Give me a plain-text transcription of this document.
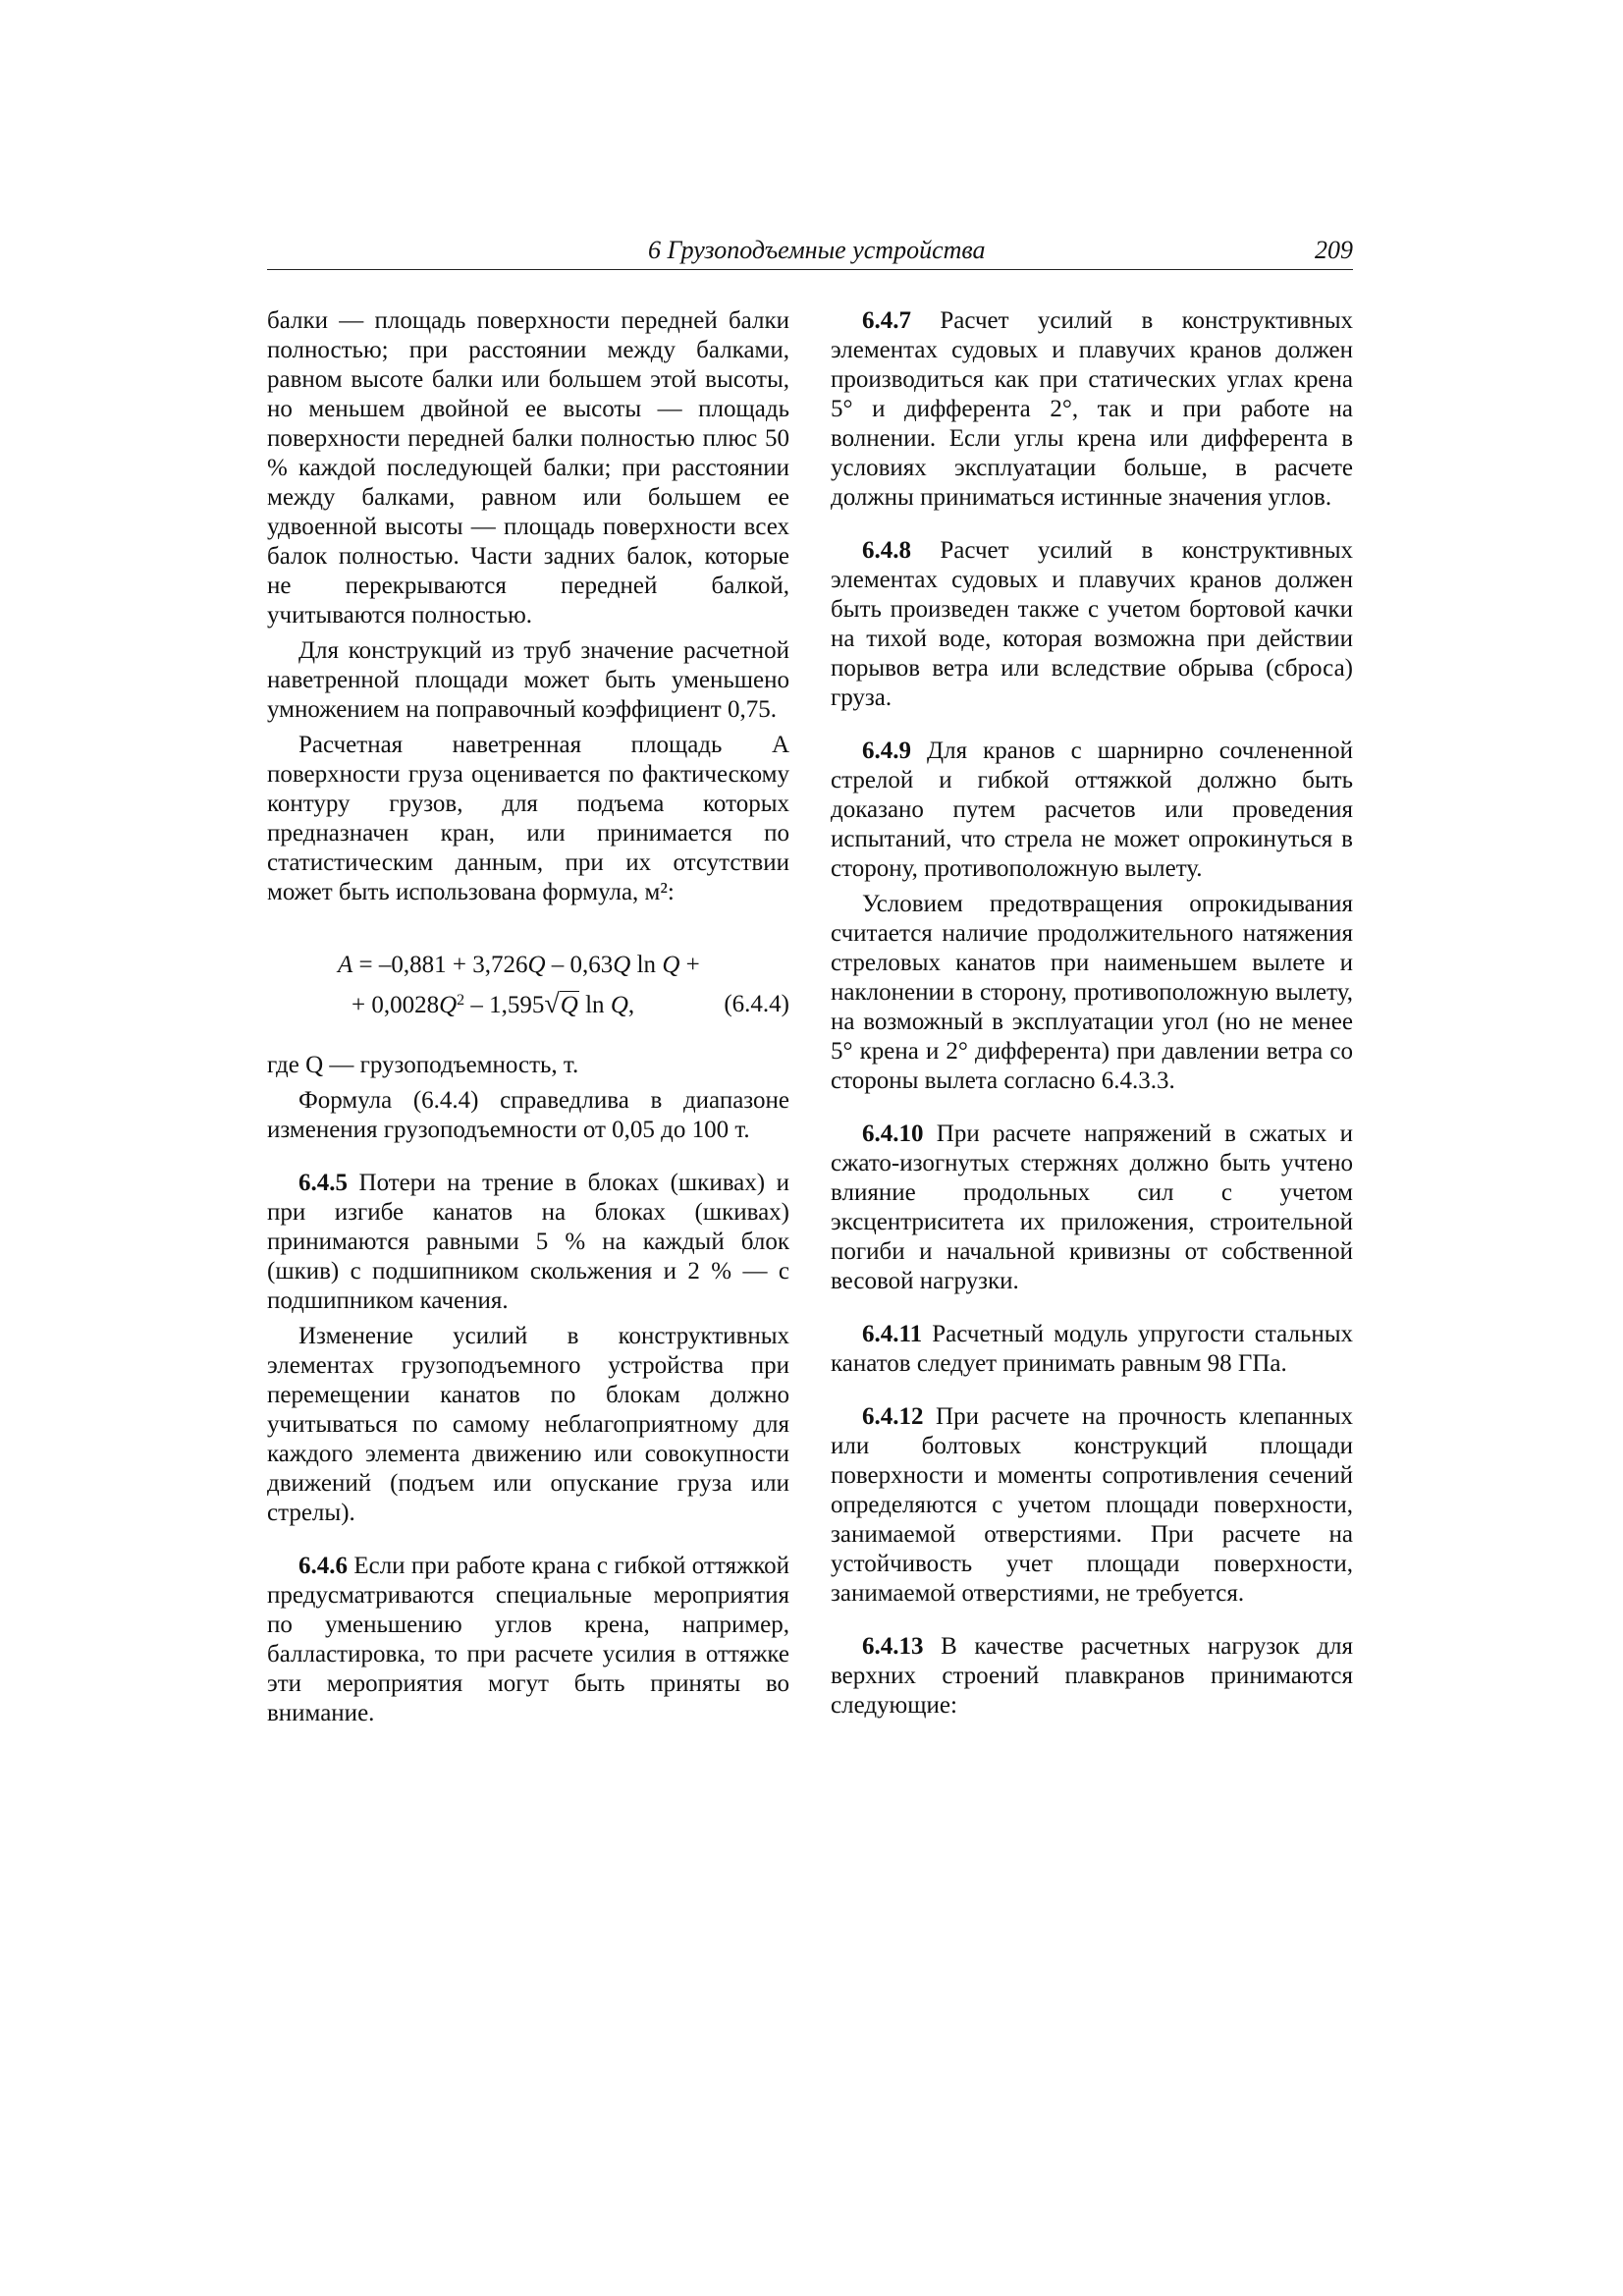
6 Грузоподъемные устройства	209

балки — площадь поверхности передней балки полностью; при расстоянии между балками, равном высоте балки или большем этой высоты, но меньшем двойной ее высоты — площадь поверхности передней балки полностью плюс 50 % каждой последующей балки; при расстоянии между балками, равном или большем ее удвоенной высоты — площадь поверхности всех балок полностью. Части задних балок, которые не перекрываются передней балкой, учитываются полностью.

Для конструкций из труб значение расчетной наветренной площади может быть уменьшено умножением на поправочный коэффициент 0,75.

Расчетная наветренная площадь A поверхности груза оценивается по фактическому контуру грузов, для подъема которых предназначен кран, или принимается по статистическим данным, при их отсутствии может быть использована формула, м²:

A = –0,881 + 3,726Q – 0,63Q ln Q +
+ $0,0028Q^2 - 1,595√Q$ ln Q,	(6.4.4)

где Q — грузоподъемность, т.

Формула (6.4.4) справедлива в диапазоне изменения грузоподъемности от 0,05 до 100 т.

6.4.5 Потери на трение в блоках (шкивах) и при изгибе канатов на блоках (шкивах) принимаются равными 5 % на каждый блок (шкив) с подшипником скольжения и 2 % — с подшипником качения.

Изменение усилий в конструктивных элементах грузоподъемного устройства при перемещении канатов по блокам должно учитываться по самому неблагоприятному для каждого элемента движению или совокупности движений (подъем или опускание груза или стрелы).

6.4.6 Если при работе крана с гибкой оттяжкой предусматриваются специальные мероприятия по уменьшению углов крена, например, балластировка, то при расчете усилия в оттяжке эти мероприятия могут быть приняты во внимание.

6.4.7 Расчет усилий в конструктивных элементах судовых и плавучих кранов должен производиться как при статических углах крена 5° и дифферента 2°, так и при работе на волнении. Если углы крена или дифферента в условиях эксплуатации больше, в расчете должны приниматься истинные значения углов.

6.4.8 Расчет усилий в конструктивных элементах судовых и плавучих кранов должен быть произведен также с учетом бортовой качки на тихой воде, которая возможна при действии порывов ветра или вследствие обрыва (сброса) груза.

6.4.9 Для кранов с шарнирно сочлененной стрелой и гибкой оттяжкой должно быть доказано путем расчетов или проведения испытаний, что стрела не может опрокинуться в сторону, противоположную вылету.

Условием предотвращения опрокидывания считается наличие продолжительного натяжения стреловых канатов при наименьшем вылете и наклонении в сторону, противоположную вылету, на возможный в эксплуатации угол (но не менее 5° крена и 2° дифферента) при давлении ветра со стороны вылета согласно 6.4.3.3.

6.4.10 При расчете напряжений в сжатых и сжато-изогнутых стержнях должно быть учтено влияние продольных сил с учетом эксцентриситета их приложения, строительной погиби и начальной кривизны от собственной весовой нагрузки.

6.4.11 Расчетный модуль упругости стальных канатов следует принимать равным 98 ГПа.

6.4.12 При расчете на прочность клепанных или болтовых конструкций площади поверхности и моменты сопротивления сечений определяются с учетом площади поверхности, занимаемой отверстиями. При расчете на устойчивость учет площади поверхности, занимаемой отверстиями, не требуется.

6.4.13 В качестве расчетных нагрузок для верхних строений плавкранов принимаются следующие:
